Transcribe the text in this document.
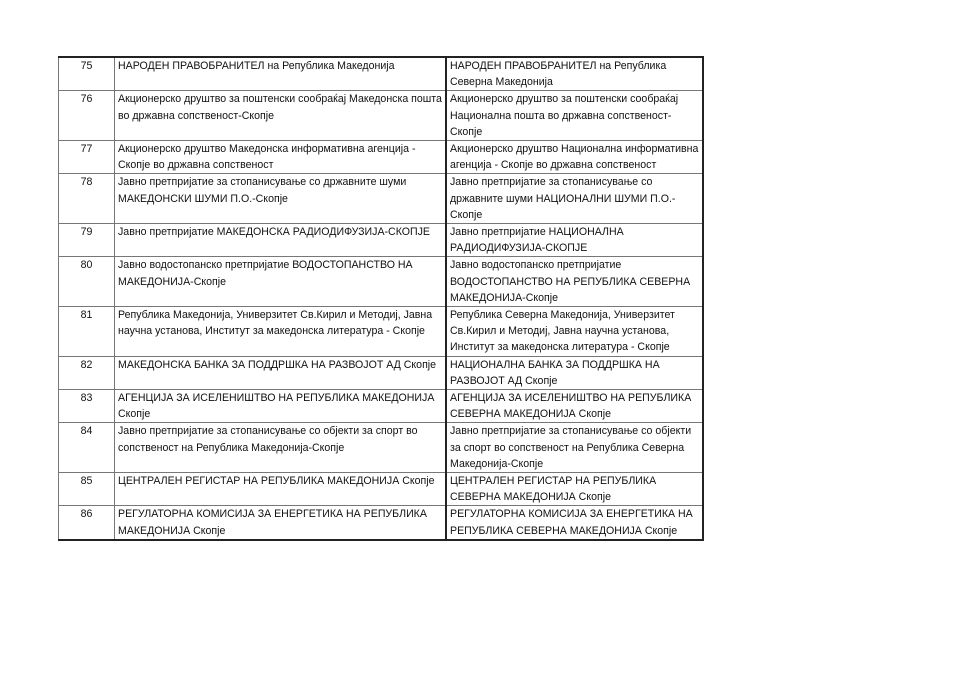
75	НАРОДЕН ПРАВОБРАНИТЕЛ на Република Македонија	НАРОДЕН ПРАВОБРАНИТЕЛ на Република Северна Македонија
76	Акционерско друштво за поштенски сообраќај Македонска пошта во државна сопственост-Скопје	Акционерско друштво за поштенски сообраќај Национална пошта во државна сопственост-Скопје
77	Акционерско друштво Македонска информативна агенција - Скопје во државна сопственост	Акционерско друштво Национална информативна агенција - Скопје во државна сопственост
78	Јавно претпријатие за стопанисување со државните шуми МАКЕДОНСКИ ШУМИ П.О.-Скопје	Јавно претпријатие за стопанисување со државните шуми НАЦИОНАЛНИ ШУМИ П.О.-Скопје
79	Јавно претпријатие МАКЕДОНСКА РАДИОДИФУЗИЈА-СКОПЈЕ	Јавно претпријатие НАЦИОНАЛНА РАДИОДИФУЗИЈА-СКОПЈЕ
80	Јавно водостопанско претпријатие ВОДОСТОПАНСТВО НА МАКЕДОНИЈА-Скопје	Јавно водостопанско претпријатие ВОДОСТОПАНСТВО НА РЕПУБЛИКА СЕВЕРНА МАКЕДОНИЈА-Скопје
81	Република Македонија, Универзитет Св.Кирил и Методиј, Јавна научна установа, Институт за македонска литература - Скопје	Република Северна Македонија, Универзитет Св.Кирил и Методиј, Јавна научна установа, Институт за македонска литература - Скопје
82	МАКЕДОНСКА БАНКА ЗА ПОДДРШКА НА РАЗВОЈОТ АД Скопје	НАЦИОНАЛНА БАНКА ЗА ПОДДРШКА НА РАЗВОЈОТ АД Скопје
83	АГЕНЦИЈА ЗА ИСЕЛЕНИШТВО НА РЕПУБЛИКА МАКЕДОНИЈА Скопје	АГЕНЦИЈА ЗА ИСЕЛЕНИШТВО НА РЕПУБЛИКА СЕВЕРНА МАКЕДОНИЈА Скопје
84	Јавно претпријатие за стопанисување со објекти за спорт во сопственост на Република Македонија-Скопје	Јавно претпријатие за стопанисување со објекти за спорт во сопственост на Република Северна Македонија-Скопје
85	ЦЕНТРАЛЕН РЕГИСТАР НА РЕПУБЛИКА МАКЕДОНИЈА Скопје	ЦЕНТРАЛЕН РЕГИСТАР НА РЕПУБЛИКА СЕВЕРНА МАКЕДОНИЈА Скопје
86	РЕГУЛАТОРНА КОМИСИЈА ЗА ЕНЕРГЕТИКА НА РЕПУБЛИКА МАКЕДОНИЈА Скопје	РЕГУЛАТОРНА КОМИСИЈА ЗА ЕНЕРГЕТИКА НА РЕПУБЛИКА СЕВЕРНА МАКЕДОНИЈА Скопје
